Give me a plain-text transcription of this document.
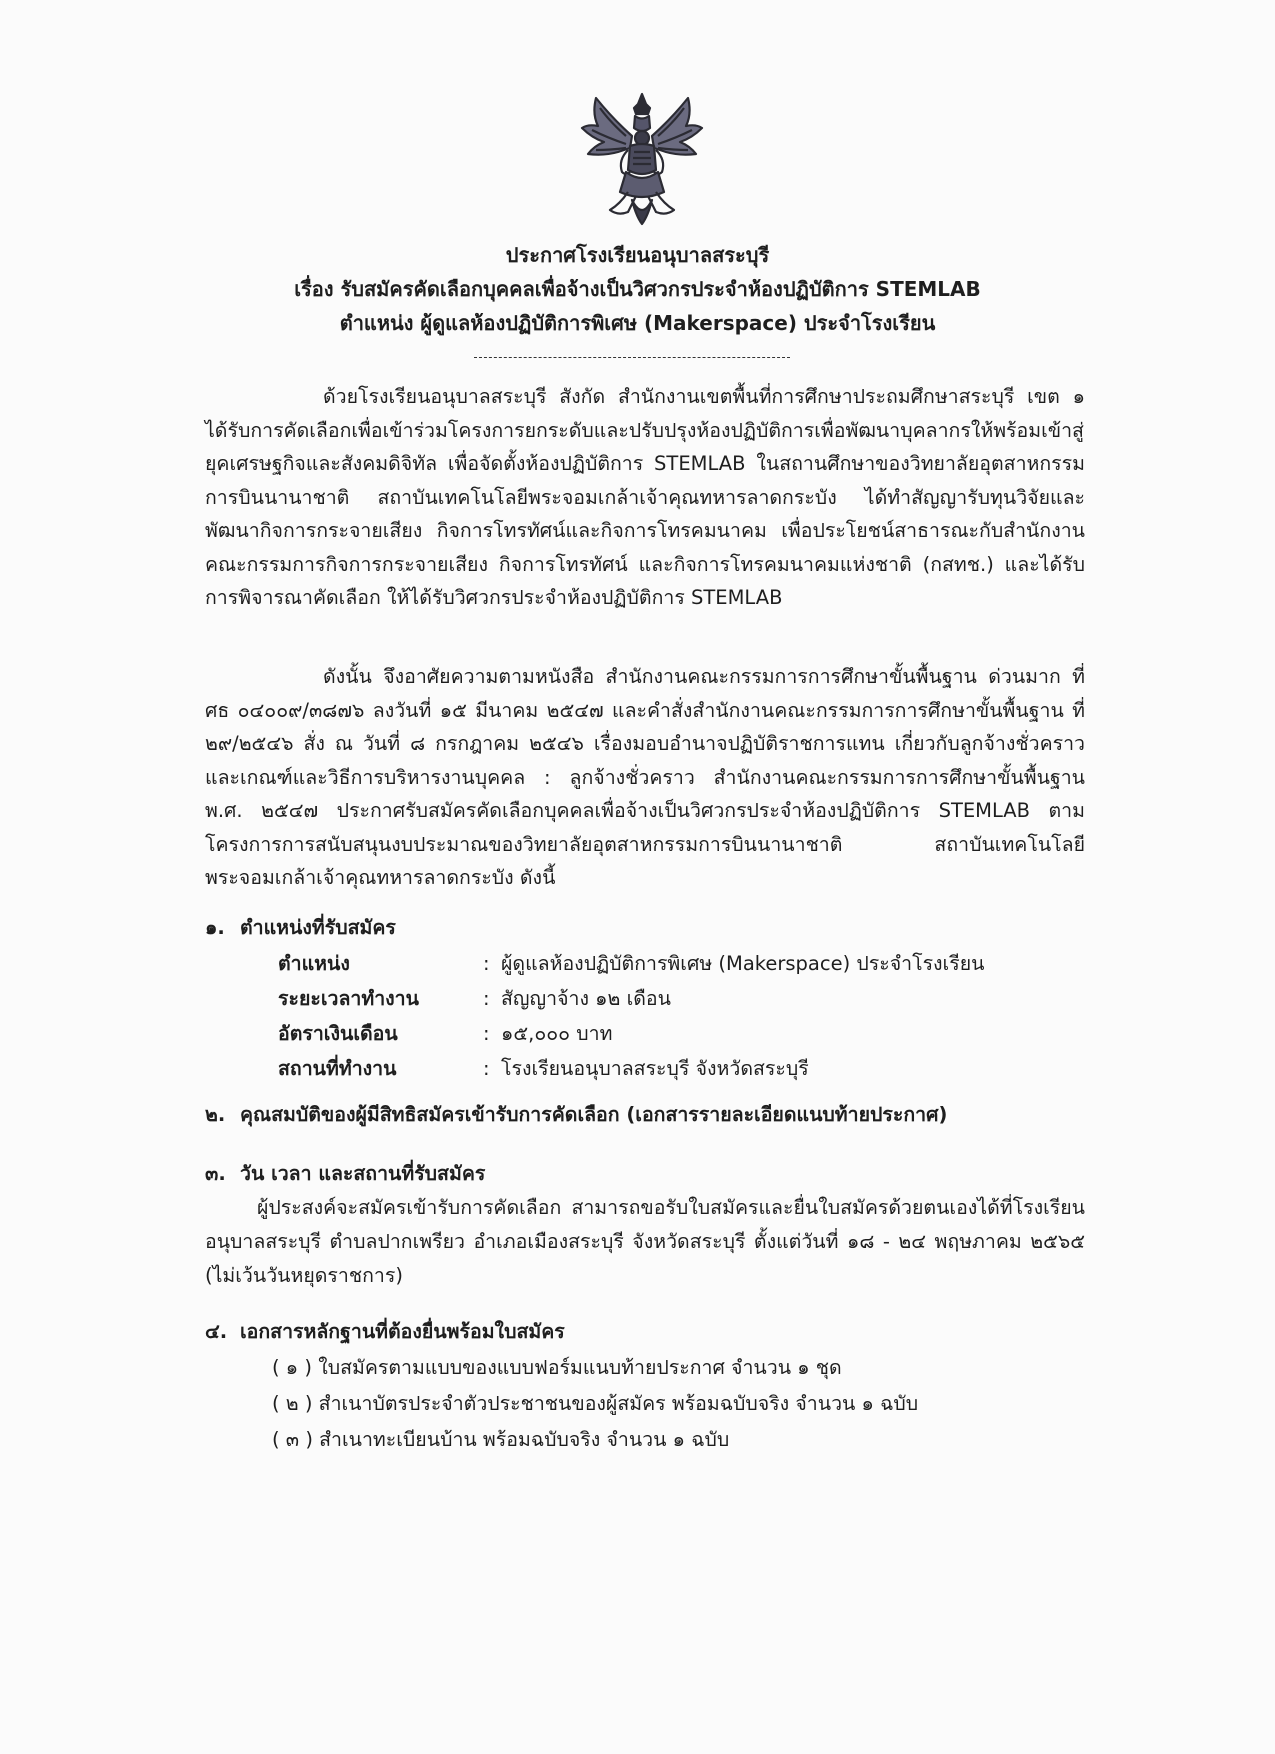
ประกาศโรงเรียนอนุบาลสระบุรี
เรื่อง รับสมัครคัดเลือกบุคคลเพื่อจ้างเป็นวิศวกรประจำห้องปฏิบัติการ STEMLAB
ตำแหน่ง ผู้ดูแลห้องปฏิบัติการพิเศษ (Makerspace) ประจำโรงเรียน

ด้วยโรงเรียนอนุบาลสระบุรี สังกัด สำนักงานเขตพื้นที่การศึกษาประถมศึกษาสระบุรี เขต ๑ ได้รับการคัดเลือกเพื่อเข้าร่วมโครงการยกระดับและปรับปรุงห้องปฏิบัติการเพื่อพัฒนาบุคลากรให้พร้อมเข้าสู่ยุคเศรษฐกิจและสังคมดิจิทัล เพื่อจัดตั้งห้องปฏิบัติการ STEMLAB ในสถานศึกษาของวิทยาลัยอุตสาหกรรมการบินนานาชาติ สถาบันเทคโนโลยีพระจอมเกล้าเจ้าคุณทหารลาดกระบัง ได้ทำสัญญารับทุนวิจัยและพัฒนากิจการกระจายเสียง กิจการโทรทัศน์และกิจการโทรคมนาคม เพื่อประโยชน์สาธารณะกับสำนักงานคณะกรรมการกิจการกระจายเสียง กิจการโทรทัศน์ และกิจการโทรคมนาคมแห่งชาติ (กสทช.) และได้รับการพิจารณาคัดเลือก ให้ได้รับวิศวกรประจำห้องปฏิบัติการ STEMLAB

ดังนั้น จึงอาศัยความตามหนังสือ สำนักงานคณะกรรมการการศึกษาขั้นพื้นฐาน ด่วนมาก ที่ ศธ ๐๔๐๐๙/๓๘๗๖ ลงวันที่ ๑๕ มีนาคม ๒๕๔๗ และคำสั่งสำนักงานคณะกรรมการการศึกษาขั้นพื้นฐาน ที่ ๒๙/๒๕๔๖ สั่ง ณ วันที่ ๘ กรกฎาคม ๒๕๔๖ เรื่องมอบอำนาจปฏิบัติราชการแทน เกี่ยวกับลูกจ้างชั่วคราว และเกณฑ์และวิธีการบริหารงานบุคคล : ลูกจ้างชั่วคราว สำนักงานคณะกรรมการการศึกษาขั้นพื้นฐาน พ.ศ. ๒๕๔๗ ประกาศรับสมัครคัดเลือกบุคคลเพื่อจ้างเป็นวิศวกรประจำห้องปฏิบัติการ STEMLAB ตามโครงการการสนับสนุนงบประมาณของวิทยาลัยอุตสาหกรรมการบินนานาชาติ สถาบันเทคโนโลยีพระจอมเกล้าเจ้าคุณทหารลาดกระบัง ดังนี้

๑. ตำแหน่งที่รับสมัคร
ตำแหน่ง	: ผู้ดูแลห้องปฏิบัติการพิเศษ (Makerspace) ประจำโรงเรียน
ระยะเวลาทำงาน	: สัญญาจ้าง ๑๒ เดือน
อัตราเงินเดือน	: ๑๕,๐๐๐ บาท
สถานที่ทำงาน	: โรงเรียนอนุบาลสระบุรี จังหวัดสระบุรี
๒. คุณสมบัติของผู้มีสิทธิสมัครเข้ารับการคัดเลือก (เอกสารรายละเอียดแนบท้ายประกาศ)
๓. วัน เวลา และสถานที่รับสมัคร

ผู้ประสงค์จะสมัครเข้ารับการคัดเลือก สามารถขอรับใบสมัครและยื่นใบสมัครด้วยตนเองได้ที่โรงเรียนอนุบาลสระบุรี ตำบลปากเพรียว อำเภอเมืองสระบุรี จังหวัดสระบุรี ตั้งแต่วันที่ ๑๘ - ๒๔ พฤษภาคม ๒๕๖๕ (ไม่เว้นวันหยุดราชการ)

๔. เอกสารหลักฐานที่ต้องยื่นพร้อมใบสมัคร
( ๑ ) ใบสมัครตามแบบของแบบฟอร์มแนบท้ายประกาศ จำนวน ๑ ชุด
( ๒ ) สำเนาบัตรประจำตัวประชาชนของผู้สมัคร พร้อมฉบับจริง จำนวน ๑ ฉบับ
( ๓ ) สำเนาทะเบียนบ้าน พร้อมฉบับจริง จำนวน ๑ ฉบับ
